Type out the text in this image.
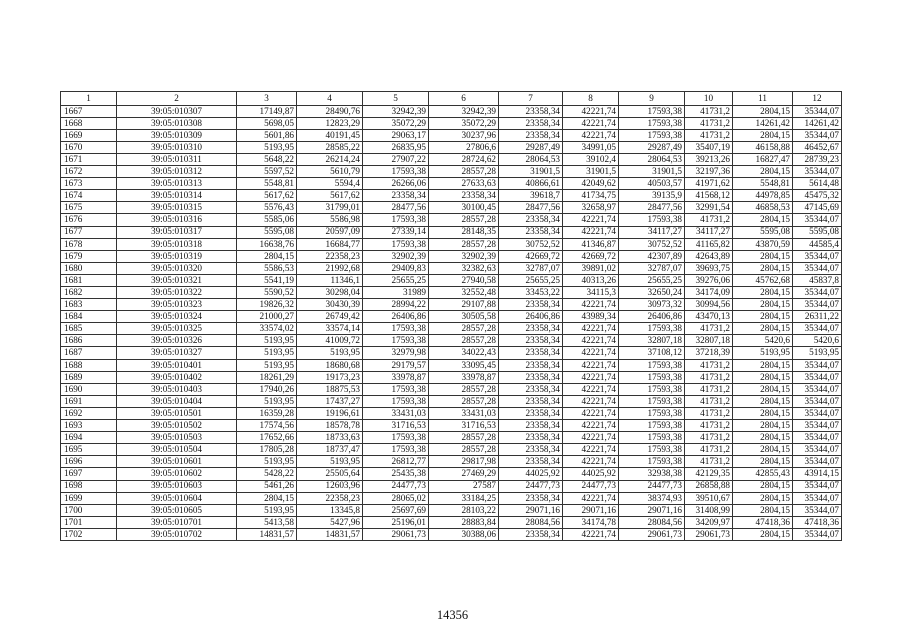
1	2	3	4	5	6	7	8	9	10	11	12
1667	39:05:010307	17149,87	28490,76	32942,39	32942,39	23358,34	42221,74	17593,38	41731,2	2804,15	35344,07
1668	39:05:010308	5698,05	12823,29	35072,29	35072,29	23358,34	42221,74	17593,38	41731,2	14261,42	14261,42
1669	39:05:010309	5601,86	40191,45	29063,17	30237,96	23358,34	42221,74	17593,38	41731,2	2804,15	35344,07
1670	39:05:010310	5193,95	28585,22	26835,95	27806,6	29287,49	34991,05	29287,49	35407,19	46158,88	46452,67
1671	39:05:010311	5648,22	26214,24	27907,22	28724,62	28064,53	39102,4	28064,53	39213,26	16827,47	28739,23
1672	39:05:010312	5597,52	5610,79	17593,38	28557,28	31901,5	31901,5	31901,5	32197,36	2804,15	35344,07
1673	39:05:010313	5548,81	5594,4	26266,06	27633,63	40866,61	42049,62	40503,57	41971,62	5548,81	5614,48
1674	39:05:010314	5617,62	5617,62	23358,34	23358,34	39618,7	41734,75	39135,9	41568,12	44978,85	45475,32
1675	39:05:010315	5576,43	31799,01	28477,56	30100,45	28477,56	32658,97	28477,56	32991,54	46858,53	47145,69
1676	39:05:010316	5585,06	5586,98	17593,38	28557,28	23358,34	42221,74	17593,38	41731,2	2804,15	35344,07
1677	39:05:010317	5595,08	20597,09	27339,14	28148,35	23358,34	42221,74	34117,27	34117,27	5595,08	5595,08
1678	39:05:010318	16638,76	16684,77	17593,38	28557,28	30752,52	41346,87	30752,52	41165,82	43870,59	44585,4
1679	39:05:010319	2804,15	22358,23	32902,39	32902,39	42669,72	42669,72	42307,89	42643,89	2804,15	35344,07
1680	39:05:010320	5586,53	21992,68	29409,83	32382,63	32787,07	39891,02	32787,07	39693,75	2804,15	35344,07
1681	39:05:010321	5541,19	11346,1	25655,25	27940,58	25655,25	40313,26	25655,25	39276,06	45762,68	45837,8
1682	39:05:010322	5590,52	30298,04	31989	32552,48	33453,22	34115,3	32650,24	34174,09	2804,15	35344,07
1683	39:05:010323	19826,32	30430,39	28994,22	29107,88	23358,34	42221,74	30973,32	30994,56	2804,15	35344,07
1684	39:05:010324	21000,27	26749,42	26406,86	30505,58	26406,86	43989,34	26406,86	43470,13	2804,15	26311,22
1685	39:05:010325	33574,02	33574,14	17593,38	28557,28	23358,34	42221,74	17593,38	41731,2	2804,15	35344,07
1686	39:05:010326	5193,95	41009,72	17593,38	28557,28	23358,34	42221,74	32807,18	32807,18	5420,6	5420,6
1687	39:05:010327	5193,95	5193,95	32979,98	34022,43	23358,34	42221,74	37108,12	37218,39	5193,95	5193,95
1688	39:05:010401	5193,95	18680,68	29179,57	33095,45	23358,34	42221,74	17593,38	41731,2	2804,15	35344,07
1689	39:05:010402	18261,29	19173,23	33978,87	33978,87	23358,34	42221,74	17593,38	41731,2	2804,15	35344,07
1690	39:05:010403	17940,26	18875,53	17593,38	28557,28	23358,34	42221,74	17593,38	41731,2	2804,15	35344,07
1691	39:05:010404	5193,95	17437,27	17593,38	28557,28	23358,34	42221,74	17593,38	41731,2	2804,15	35344,07
1692	39:05:010501	16359,28	19196,61	33431,03	33431,03	23358,34	42221,74	17593,38	41731,2	2804,15	35344,07
1693	39:05:010502	17574,56	18578,78	31716,53	31716,53	23358,34	42221,74	17593,38	41731,2	2804,15	35344,07
1694	39:05:010503	17652,66	18733,63	17593,38	28557,28	23358,34	42221,74	17593,38	41731,2	2804,15	35344,07
1695	39:05:010504	17805,28	18737,47	17593,38	28557,28	23358,34	42221,74	17593,38	41731,2	2804,15	35344,07
1696	39:05:010601	5193,95	5193,95	26812,77	29817,98	23358,34	42221,74	17593,38	41731,2	2804,15	35344,07
1697	39:05:010602	5428,22	25505,64	25435,38	27469,29	44025,92	44025,92	32938,38	42129,35	42855,43	43914,15
1698	39:05:010603	5461,26	12603,96	24477,73	27587	24477,73	24477,73	24477,73	26858,88	2804,15	35344,07
1699	39:05:010604	2804,15	22358,23	28065,02	33184,25	23358,34	42221,74	38374,93	39510,67	2804,15	35344,07
1700	39:05:010605	5193,95	13345,8	25697,69	28103,22	29071,16	29071,16	29071,16	31408,99	2804,15	35344,07
1701	39:05:010701	5413,58	5427,96	25196,01	28883,84	28084,56	34174,78	28084,56	34209,97	47418,36	47418,36
1702	39:05:010702	14831,57	14831,57	29061,73	30388,06	23358,34	42221,74	29061,73	29061,73	2804,15	35344,07
14356
